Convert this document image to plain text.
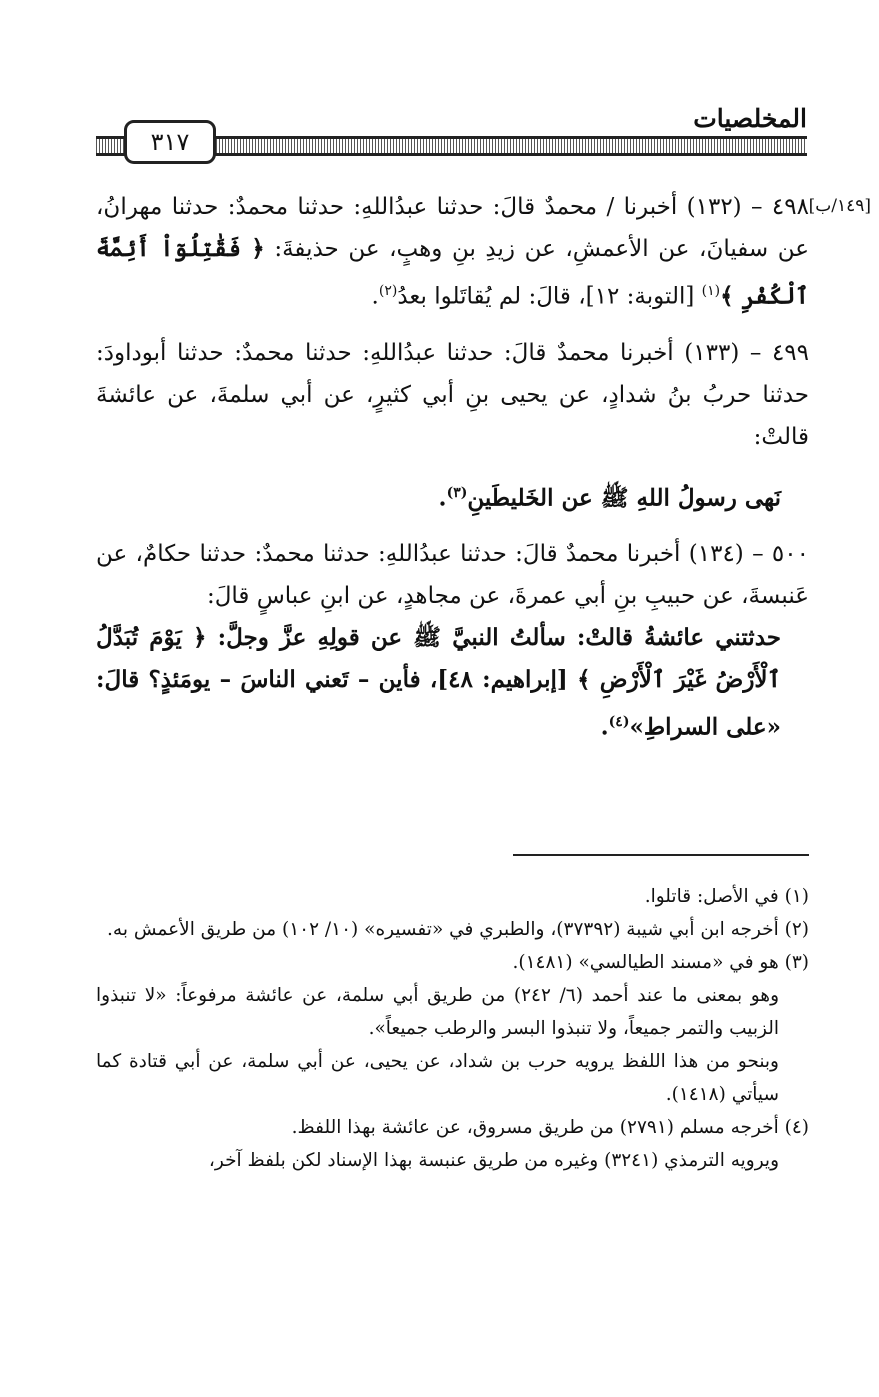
المخلصيات
٣١٧
[١٤٩/ب]

٤٩٨ – (١٣٢) أخبرنا / محمدٌ قالَ: حدثنا عبدُاللهِ: حدثنا محمدٌ: حدثنا مهرانُ، عن سفيانَ، عن الأعمشِ، عن زيدِ بنِ وهبٍ، عن حذيفةَ: ﴿ فَقَٰتِلُوٓاْ أَئِمَّةَ ٱلْكُفْرِ ﴾$^{(١)}$ [التوبة: ١٢]، قالَ: لم يُقاتَلوا بعدُ$^{(٢)}$.

٤٩٩ – (١٣٣) أخبرنا محمدٌ قالَ: حدثنا عبدُاللهِ: حدثنا محمدٌ: حدثنا أبوداودَ: حدثنا حربُ بنُ شدادٍ، عن يحيى بنِ أبي كثيرٍ، عن أبي سلمةَ، عن عائشةَ قالتْ:

نَهى رسولُ اللهِ ﷺ عن الخَليطَينِ$^{(٣)}$.

٥٠٠ – (١٣٤) أخبرنا محمدٌ قالَ: حدثنا عبدُاللهِ: حدثنا محمدٌ: حدثنا حكامٌ، عن عَنبسةَ، عن حبيبِ بنِ أبي عمرةَ، عن مجاهدٍ، عن ابنِ عباسٍ قالَ:

حدثتني عائشةُ قالتْ: سألتُ النبيَّ ﷺ عن قولِهِ عزَّ وجلَّ: ﴿ يَوْمَ تُبَدَّلُ ٱلْأَرْضُ غَيْرَ ٱلْأَرْضِ ﴾ [إبراهيم: ٤٨]، فأين – تَعني الناسَ – يومَئذٍ؟ قالَ: «على السراطِ»$^{(٤)}$.

(١) في الأصل: قاتلوا.

(٢) أخرجه ابن أبي شيبة (٣٧٣٩٢)، والطبري في «تفسيره» (١٠/ ١٠٢) من طريق الأعمش به.

(٣) هو في «مسند الطيالسي» (١٤٨١).

وهو بمعنى ما عند أحمد (٦/ ٢٤٢) من طريق أبي سلمة، عن عائشة مرفوعاً: «لا تنبذوا الزبيب والتمر جميعاً، ولا تنبذوا البسر والرطب جميعاً».

وبنحو من هذا اللفظ يرويه حرب بن شداد، عن يحيى، عن أبي سلمة، عن أبي قتادة كما سيأتي (١٤١٨).

(٤) أخرجه مسلم (٢٧٩١) من طريق مسروق، عن عائشة بهذا اللفظ.

ويرويه الترمذي (٣٢٤١) وغيره من طريق عنبسة بهذا الإسناد لكن بلفظ آخر،
